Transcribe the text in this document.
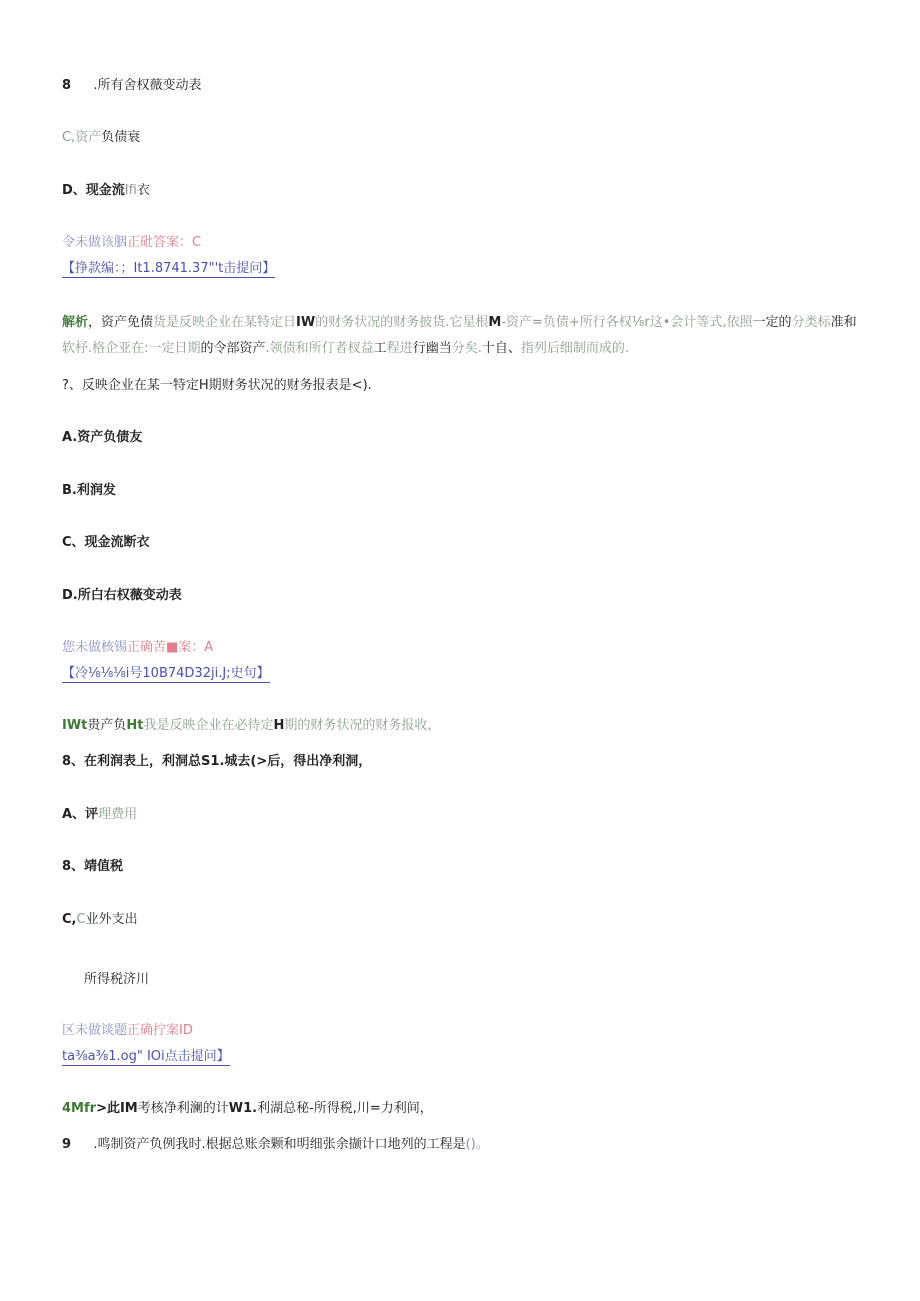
8 .所有舍权薇变动表
C,资产负债衰
D、现金流Ifi衣
令未做该胭正砒答案：C
【挣款编：；It1.8741.37"'t击提问】
解析，资产免债货是反映企业在某特定日IW的财务状况的财务披货.它星根M-资产=负债+所行各权⅛r这•会计等式,依照一定的分类标准和
软杼.格企亚在:一定日期的令部资产.领债和所仃者杈益工程进行幽当分矣.十自、指列后细制而成的.
?、反映企业在某一特定H期财务状况的财务报表是<).
A.资产负债友
B.利润发
C、现金流断衣
D.所白右权薇变动表
您未做核锡正确苦■案：A
【冷⅛⅛⅛i号10B74D32ji.J;史句】
IWt贵产负Ht我是反映企业在必待定H期的财务状况的财务报收，
8、在利润表上，利洞总S1.城去(>后，得出净利洞，
A、评理费用
8、靖值税
C,C业外支出
所得税济川
区未做谈题正确拧案ID
ta⅜a⅜1.og" IOi点击提问】
4Mfr>此IM考核净利澜的计W1.利湖总秘-所得税,川=力利间，
9 .鸣制资产负例我时.根据总账余颗和明细张余撷计口地列的工程是()。
